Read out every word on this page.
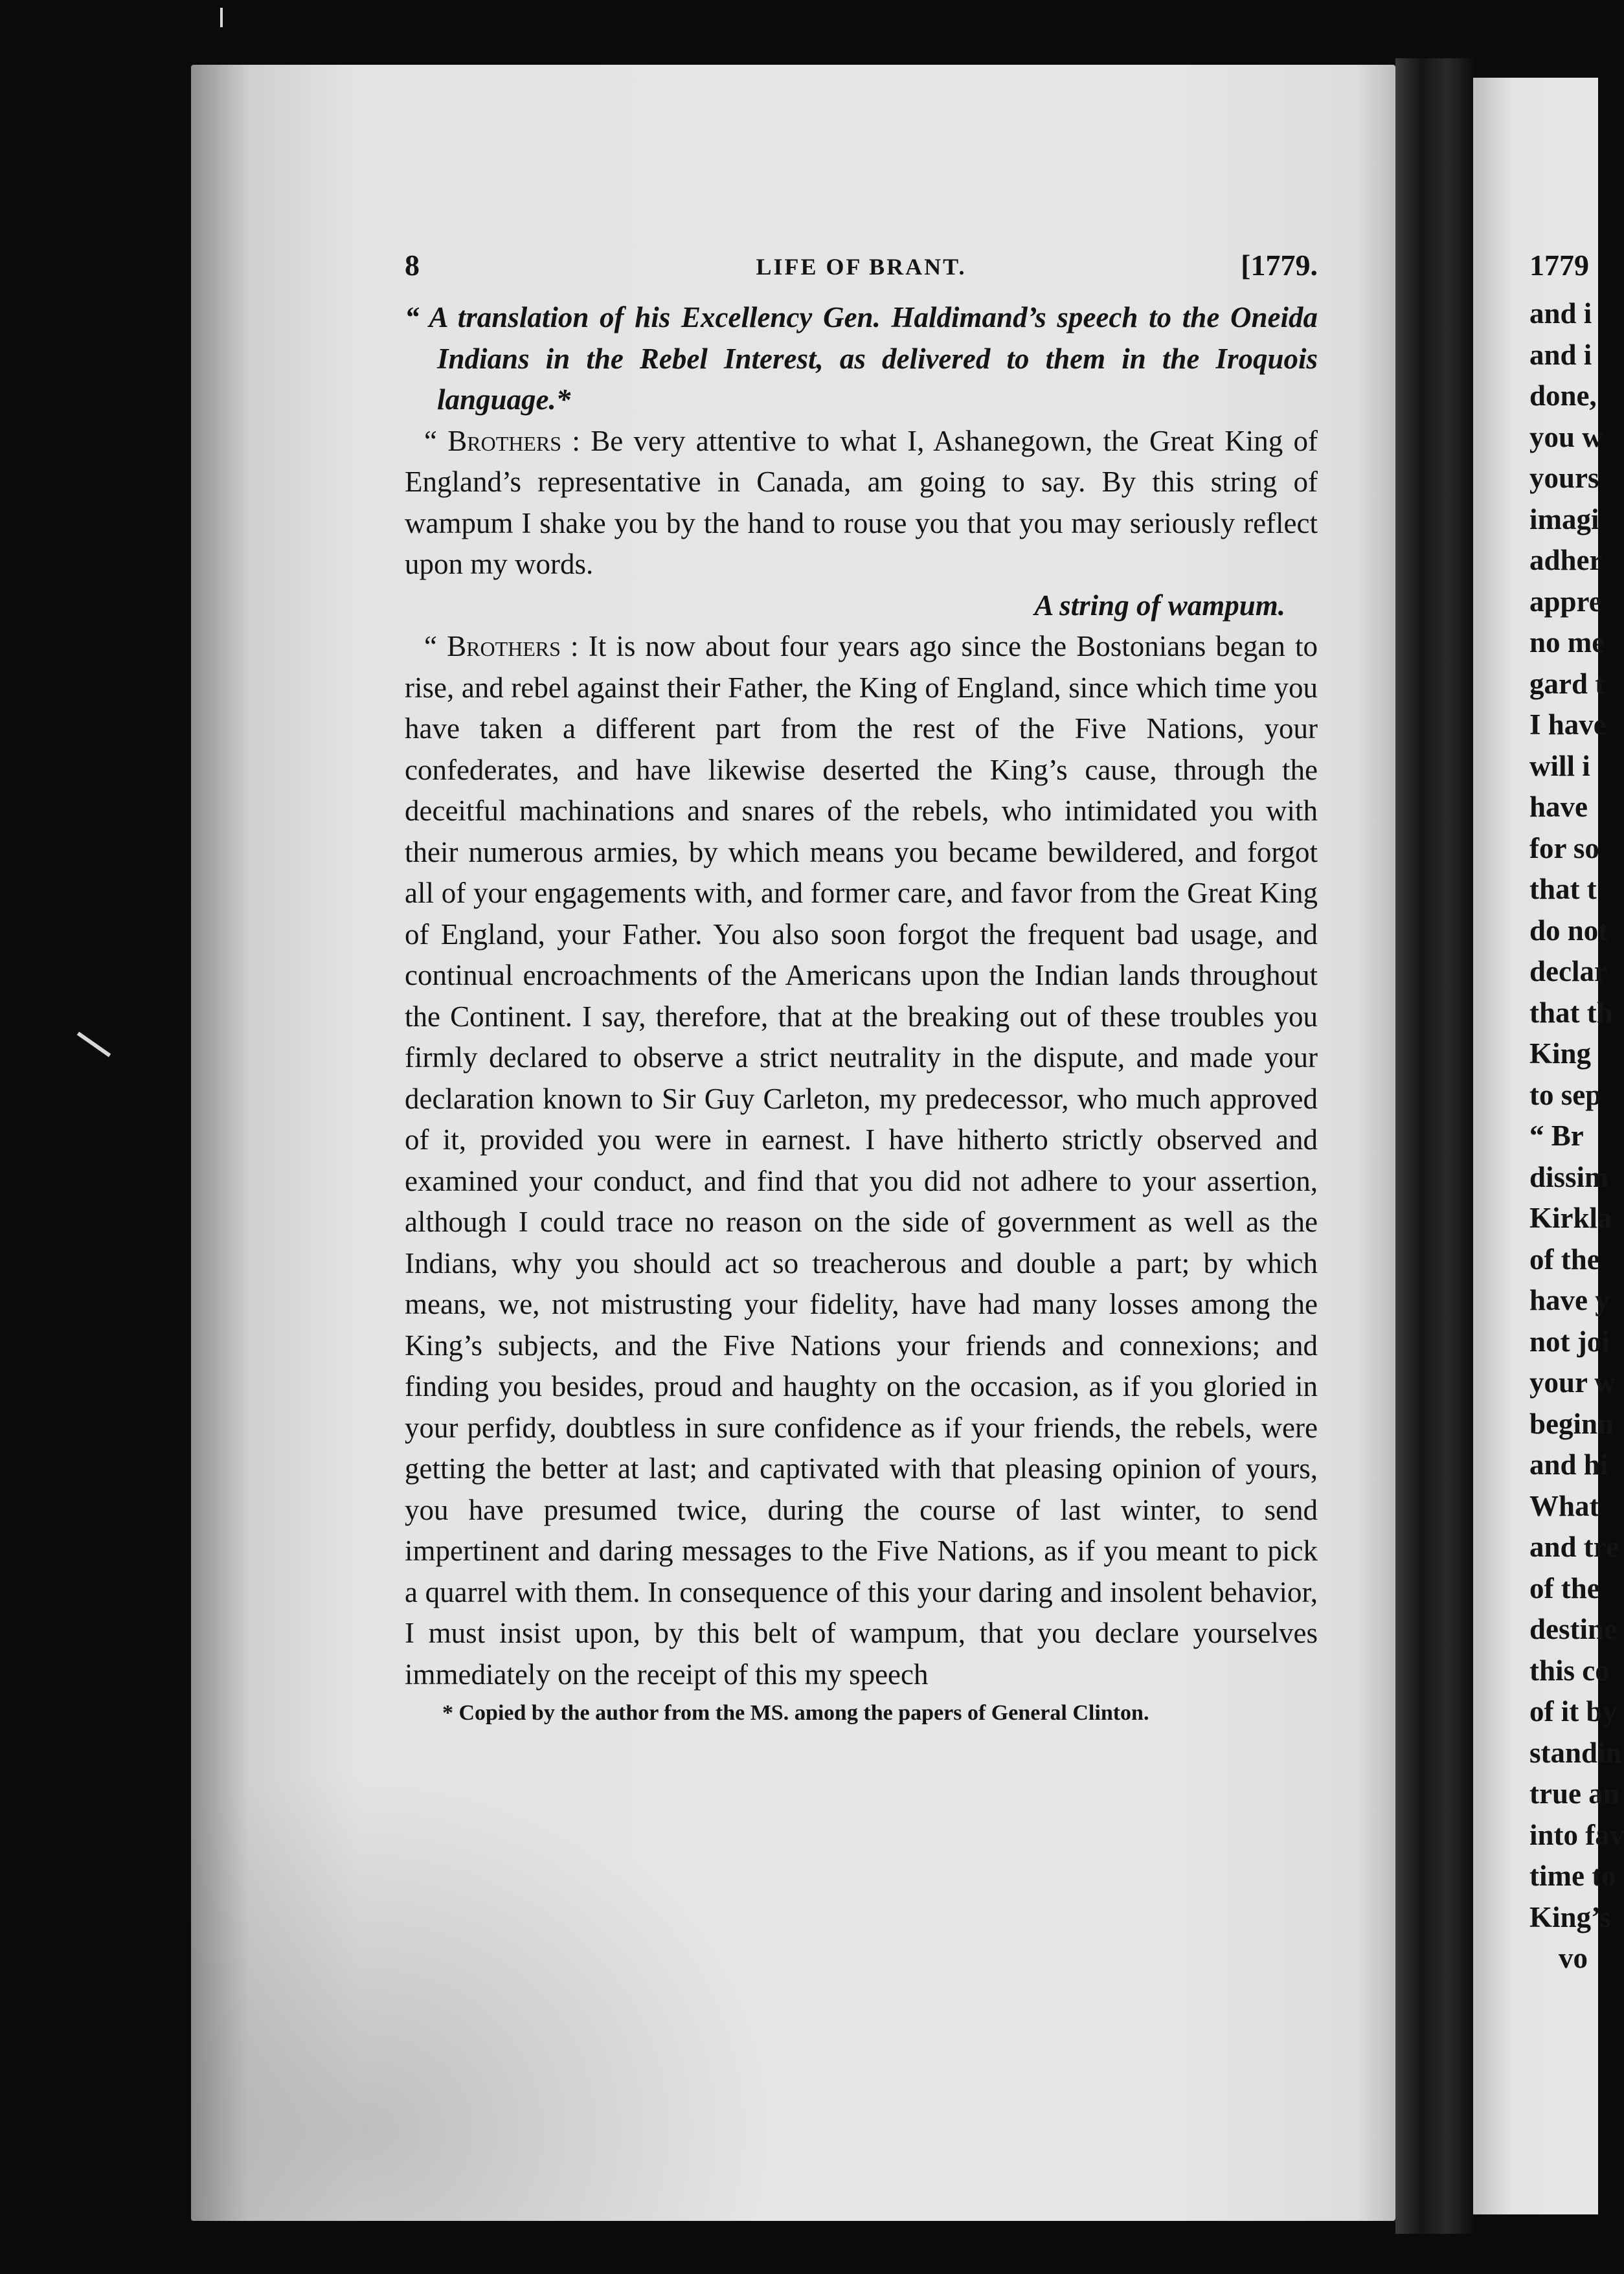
8	LIFE OF BRANT.	[1779.

“ A translation of his Excellency Gen. Haldimand’s speech to the Oneida Indians in the Rebel Interest, as delivered to them in the Iroquois language.*

“ Brothers : Be very attentive to what I, Ashanegown, the Great King of England’s representative in Canada, am going to say. By this string of wampum I shake you by the hand to rouse you that you may seriously reflect upon my words.

A string of wampum.

“ Brothers : It is now about four years ago since the Bostonians began to rise, and rebel against their Father, the King of England, since which time you have taken a different part from the rest of the Five Nations, your confederates, and have likewise deserted the King’s cause, through the deceitful machinations and snares of the rebels, who intimidated you with their numerous armies, by which means you became bewildered, and forgot all of your engagements with, and former care, and favor from the Great King of England, your Father. You also soon forgot the frequent bad usage, and continual encroachments of the Americans upon the Indian lands throughout the Continent. I say, therefore, that at the breaking out of these troubles you firmly declared to observe a strict neutrality in the dispute, and made your declaration known to Sir Guy Carleton, my predecessor, who much approved of it, provided you were in earnest. I have hitherto strictly observed and examined your conduct, and find that you did not adhere to your assertion, although I could trace no reason on the side of government as well as the Indians, why you should act so treacherous and double a part; by which means, we, not mistrusting your fidelity, have had many losses among the King’s subjects, and the Five Nations your friends and connexions; and finding you besides, proud and haughty on the occasion, as if you gloried in your perfidy, doubtless in sure confidence as if your friends, the rebels, were getting the better at last; and captivated with that pleasing opinion of yours, you have presumed twice, during the course of last winter, to send impertinent and daring messages to the Five Nations, as if you meant to pick a quarrel with them. In consequence of this your daring and insolent behavior, I must insist upon, by this belt of wampum, that you declare yourselves immediately on the receipt of this my speech

* Copied by the author from the MS. among the papers of General Clinton.

1779
and i
and i
done,
you w
yours
imagi
adher
appre
no me
gard t
I have
will i
have
for so
that t
do not
declar
that th
King
to sep
“ Br
dissim
Kirkla
of the
have y
not joi
your w
beginn
and hi
What
and tre
of the
destine
this co
of it by
standin
true an
into fav
time to
King’s
vo
